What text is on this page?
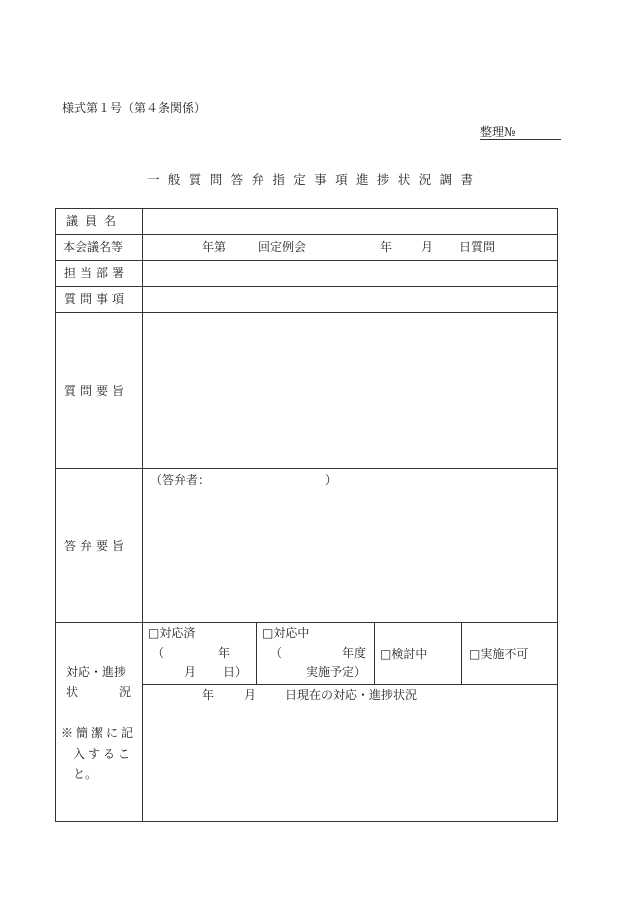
様式第１号（第４条関係）
整理№
一般質問答弁指定事項進捗状況調書
議員名
本会議名等	年第	回定例会	年 月 日質問
担当部署
質問事項
質問要旨
答弁要旨
（答弁者：	）
対応・進捗
状	況
※簡潔に記
入するこ
と。
□対応済
（	年
月 日）
□対応中
（	年度
実施予定）
□検討中	□実施不可
年 月 日現在の対応・進捗状況
